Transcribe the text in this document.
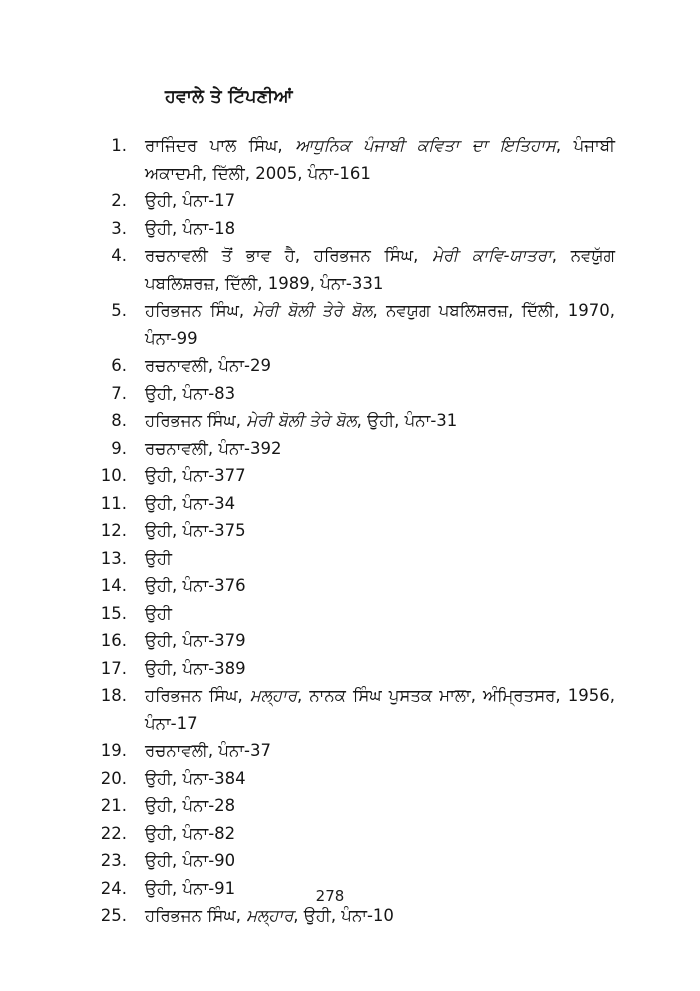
ਹਵਾਲੇ ਤੇ ਟਿੱਪਣੀਆਂ
1. ਰਾਜਿੰਦਰ ਪਾਲ ਸਿੰਘ, ਆਧੁਨਿਕ ਪੰਜਾਬੀ ਕਵਿਤਾ ਦਾ ਇਤਿਹਾਸ, ਪੰਜਾਬੀ ਅਕਾਦਮੀ, ਦਿੱਲੀ, 2005, ਪੰਨਾ-161
2. ਉਹੀ, ਪੰਨਾ-17
3. ਉਹੀ, ਪੰਨਾ-18
4. ਰਚਨਾਵਲੀ ਤੋਂ ਭਾਵ ਹੈ, ਹਰਿਭਜਨ ਸਿੰਘ, ਮੇਰੀ ਕਾਵਿ-ਯਾਤਰਾ, ਨਵਯੁੱਗ ਪਬਲਿਸ਼ਰਜ਼, ਦਿੱਲੀ, 1989, ਪੰਨਾ-331
5. ਹਰਿਭਜਨ ਸਿੰਘ, ਮੇਰੀ ਬੋਲੀ ਤੇਰੇ ਬੋਲ, ਨਵਯੁਗ ਪਬਲਿਸ਼ਰਜ਼, ਦਿੱਲੀ, 1970, ਪੰਨਾ-99
6. ਰਚਨਾਵਲੀ, ਪੰਨਾ-29
7. ਉਹੀ, ਪੰਨਾ-83
8. ਹਰਿਭਜਨ ਸਿੰਘ, ਮੇਰੀ ਬੋਲੀ ਤੇਰੇ ਬੋਲ, ਉਹੀ, ਪੰਨਾ-31
9. ਰਚਨਾਵਲੀ, ਪੰਨਾ-392
10. ਉਹੀ, ਪੰਨਾ-377
11. ਉਹੀ, ਪੰਨਾ-34
12. ਉਹੀ, ਪੰਨਾ-375
13. ਉਹੀ
14. ਉਹੀ, ਪੰਨਾ-376
15. ਉਹੀ
16. ਉਹੀ, ਪੰਨਾ-379
17. ਉਹੀ, ਪੰਨਾ-389
18. ਹਰਿਭਜਨ ਸਿੰਘ, ਮਲ੍ਹਾਰ, ਨਾਨਕ ਸਿੰਘ ਪੁਸਤਕ ਮਾਲਾ, ਅੰਮ੍ਰਿਤਸਰ, 1956, ਪੰਨਾ-17
19. ਰਚਨਾਵਲੀ, ਪੰਨਾ-37
20. ਉਹੀ, ਪੰਨਾ-384
21. ਉਹੀ, ਪੰਨਾ-28
22. ਉਹੀ, ਪੰਨਾ-82
23. ਉਹੀ, ਪੰਨਾ-90
24. ਉਹੀ, ਪੰਨਾ-91
25. ਹਰਿਭਜਨ ਸਿੰਘ, ਮਲ੍ਹਾਰ, ਉਹੀ, ਪੰਨਾ-10
278
